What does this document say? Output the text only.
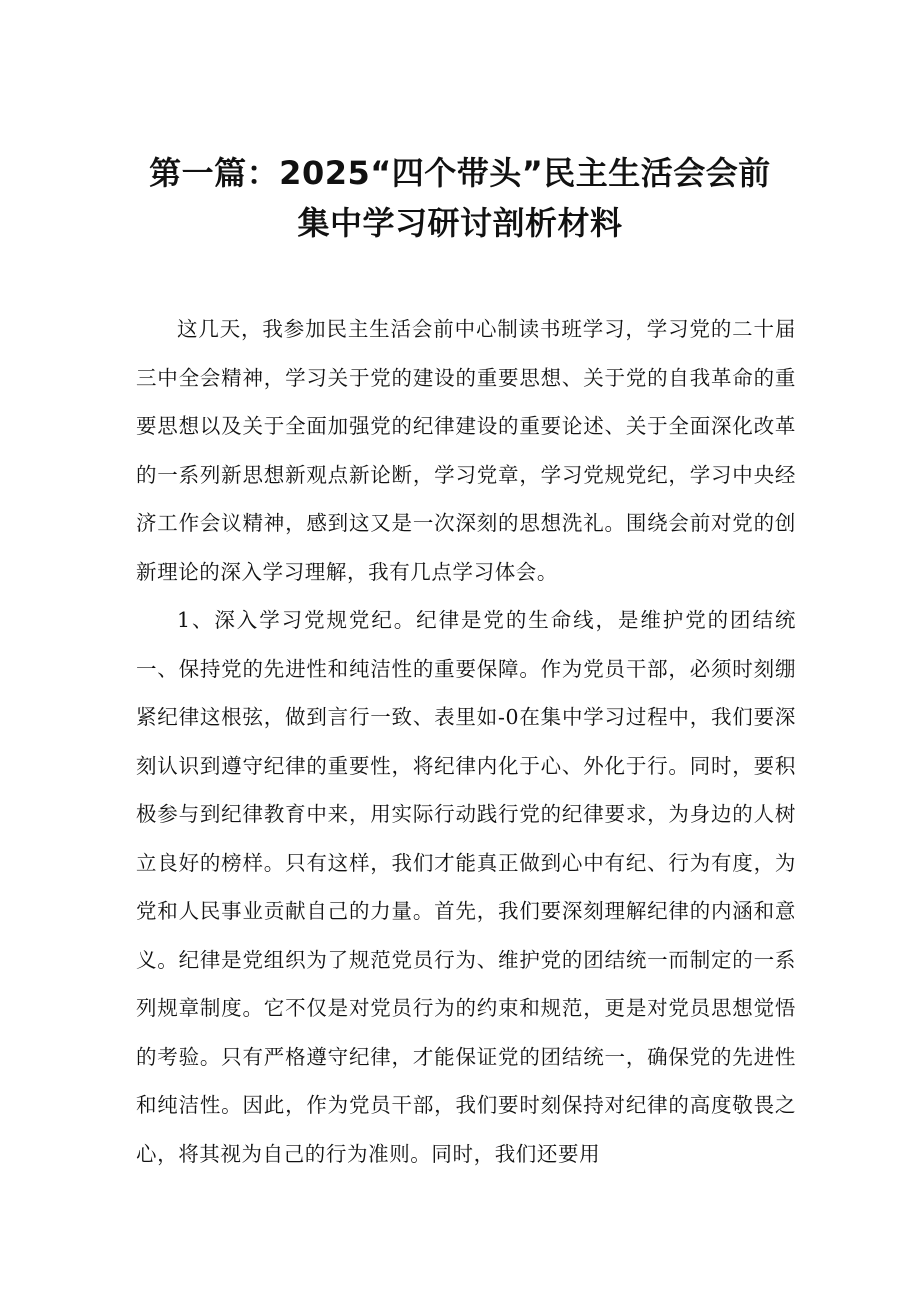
第一篇：2025“四个带头”民主生活会会前
集中学习研讨剖析材料

这几天，我参加民主生活会前中心制读书班学习，学习党的二十届三中全会精神，学习关于党的建设的重要思想、关于党的自我革命的重要思想以及关于全面加强党的纪律建设的重要论述、关于全面深化改革的一系列新思想新观点新论断，学习党章，学习党规党纪，学习中央经济工作会议精神，感到这又是一次深刻的思想洗礼。围绕会前对党的创新理论的深入学习理解，我有几点学习体会。

1、深入学习党规党纪。纪律是党的生命线，是维护党的团结统一、保持党的先进性和纯洁性的重要保障。作为党员干部，必须时刻绷紧纪律这根弦，做到言行一致、表里如-0在集中学习过程中，我们要深刻认识到遵守纪律的重要性，将纪律内化于心、外化于行。同时，要积极参与到纪律教育中来，用实际行动践行党的纪律要求，为身边的人树立良好的榜样。只有这样，我们才能真正做到心中有纪、行为有度，为党和人民事业贡献自己的力量。首先，我们要深刻理解纪律的内涵和意义。纪律是党组织为了规范党员行为、维护党的团结统一而制定的一系列规章制度。它不仅是对党员行为的约束和规范，更是对党员思想觉悟的考验。只有严格遵守纪律，才能保证党的团结统一，确保党的先进性和纯洁性。因此，作为党员干部，我们要时刻保持对纪律的高度敬畏之心，将其视为自己的行为准则。同时，我们还要用
